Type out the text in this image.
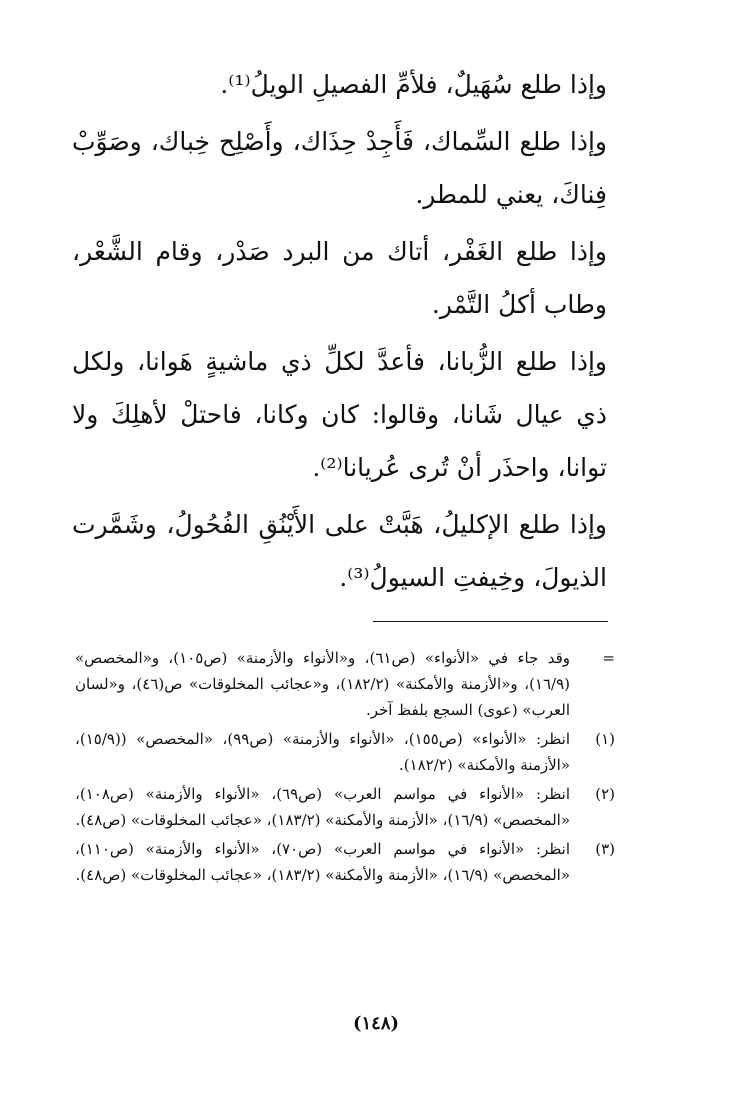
وإذا طلع سُهَيلٌ، فلأمِّ الفصيلِ الويلُ⁽¹⁾.

وإذا طلع السِّماك، فَأَجِدْ حِذَاك، وأَصْلِح خِباك، وصَوِّبْ فِناكَ، يعني للمطر.

وإذا طلع الغَفْر، أتاك من البرد صَدْر، وقام الشَّعْر، وطاب أكلُ التَّمْر.

وإذا طلع الزُّبانا، فأعدَّ لكلِّ ذي ماشيةٍ هَوانا، ولكل ذي عيال شَانا، وقالوا: كان وكانا، فاحتلْ لأهلِكَ ولا توانا، واحذَر أنْ تُرى عُريانا⁽²⁾.

وإذا طلع الإكليلُ، هَبَّتْ على الأَيْنُقِ الفُحُولُ، وشَمَّرت الذيولَ، وخِيفتِ السيولُ⁽³⁾.

=
وقد جاء في «الأنواء» (ص٦١)، و«الأنواء والأزمنة» (ص١٠٥)، و«المخصص» (١٦/٩)، و«الأزمنة والأمكنة» (١٨٢/٢)، و«عجائب المخلوقات» ص(٤٦)، و«لسان العرب» (عوى) السجع بلفظ آخر.
(١)
انظر: «الأنواء» (ص١٥٥)، «الأنواء والأزمنة» (ص٩٩)، «المخصص» ((١٥/٩)، «الأزمنة والأمكنة» (١٨٢/٢).
(٢)
انظر: «الأنواء في مواسم العرب» (ص٦٩)، «الأنواء والأزمنة» (ص١٠٨)، «المخصص» (١٦/٩)، «الأزمنة والأمكنة» (١٨٣/٢)، «عجائب المخلوقات» (ص٤٨).
(٣)
انظر: «الأنواء في مواسم العرب» (ص٧٠)، «الأنواء والأزمنة» (ص١١٠)، «المخصص» (١٦/٩)، «الأزمنة والأمكنة» (١٨٣/٢)، «عجائب المخلوقات» (ص٤٨).
(١٤٨)
